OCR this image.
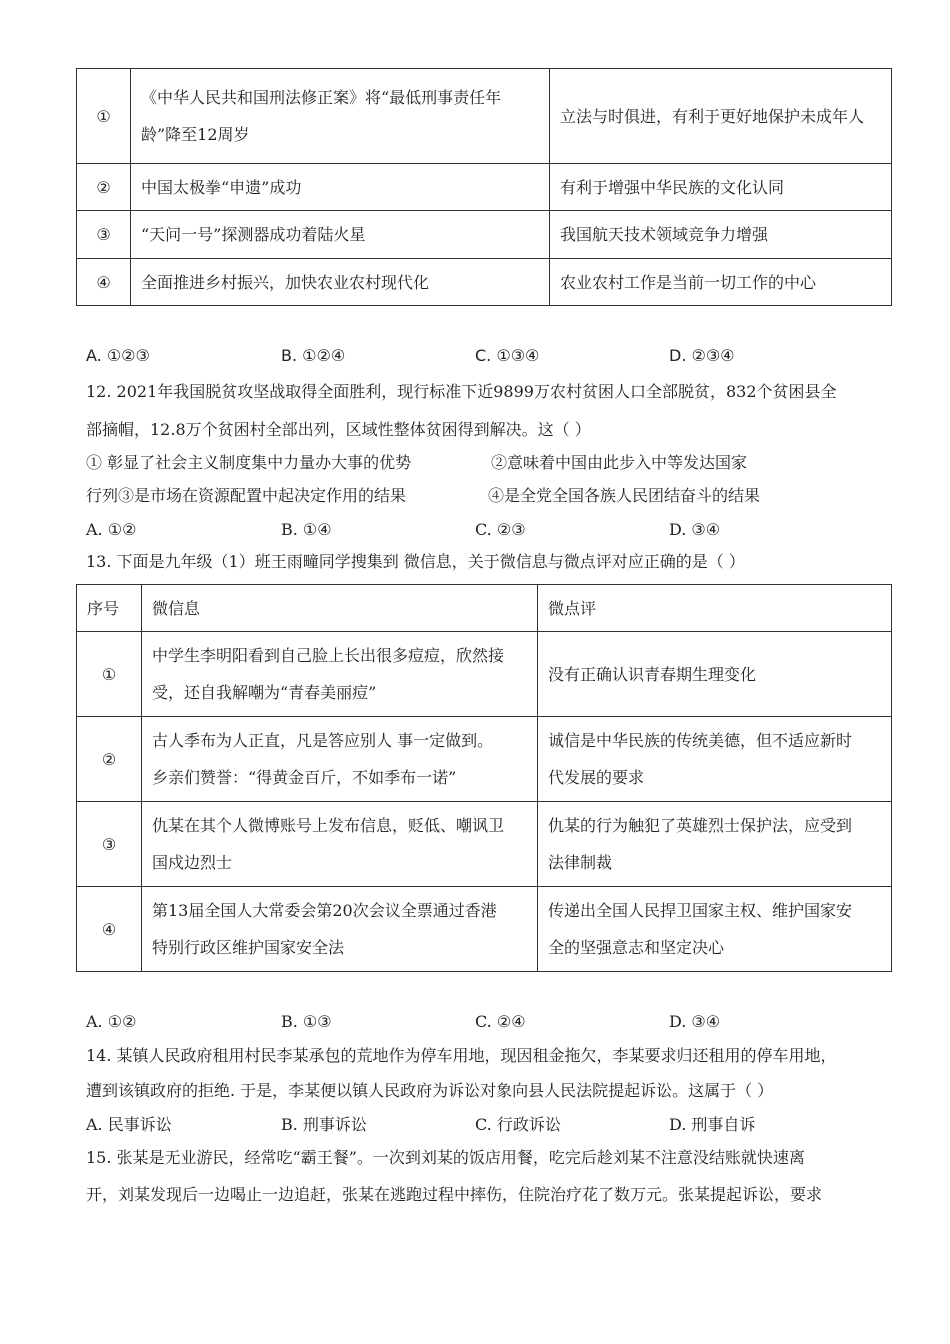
①	《中华人民共和国刑法修正案》将“最低刑事责任年
龄”降至12周岁	立法与时俱进，有利于更好地保护未成年人
②	中国太极拳“申遗”成功	有利于增强中华民族的文化认同
③	“天问一号”探测器成功着陆火星	我国航天技术领域竞争力增强
④	全面推进乡村振兴，加快农业农村现代化	农业农村工作是当前一切工作的中心
A. ①②③	B. ①②④	C. ①③④	D. ②③④
12. 2021年我国脱贫攻坚战取得全面胜利，现行标准下近9899万农村贫困人口全部脱贫，832个贫困县全
部摘帽，12.8万个贫困村全部出列，区域性整体贫困得到解决。这（ ）
① 彰显了社会主义制度集中力量办大事的优势	②意味着中国由此步入中等发达国家
行列③是市场在资源配置中起决定作用的结果	④是全党全国各族人民团结奋斗的结果
A. ①②	B. ①④	C. ②③	D. ③④
13. 下面是九年级（1）班王雨疃同学搜集到 微信息，关于微信息与微点评对应正确的是（ ）
序号	微信息	微点评
①	中学生李明阳看到自己脸上长出很多痘痘，欣然接
受，还自我解嘲为“青春美丽痘”	没有正确认识青春期生理变化

②	古人季布为人正直，凡是答应别人 事一定做到。
乡亲们赞誉：“得黄金百斤，不如季布一诺”	诚信是中华民族的传统美德，但不适应新时
代发展的要求

③	仇某在其个人微博账号上发布信息，贬低、嘲讽卫
国戍边烈士	仇某的行为触犯了英雄烈士保护法，应受到
法律制裁

④	第13届全国人大常委会第20次会议全票通过香港
特别行政区维护国家安全法	传递出全国人民捍卫国家主权、维护国家安
全的坚强意志和坚定决心
A. ①②	B. ①③	C. ②④	D. ③④
14. 某镇人民政府租用村民李某承包的荒地作为停车用地，现因租金拖欠，李某要求归还租用的停车用地，
遭到该镇政府的拒绝. 于是，李某便以镇人民政府为诉讼对象向县人民法院提起诉讼。这属于（ ）
A. 民事诉讼	B. 刑事诉讼	C. 行政诉讼	D. 刑事自诉
15. 张某是无业游民，经常吃“霸王餐”。一次到刘某的饭店用餐，吃完后趁刘某不注意没结账就快速离
开，刘某发现后一边喝止一边追赶，张某在逃跑过程中摔伤，住院治疗花了数万元。张某提起诉讼，要求
